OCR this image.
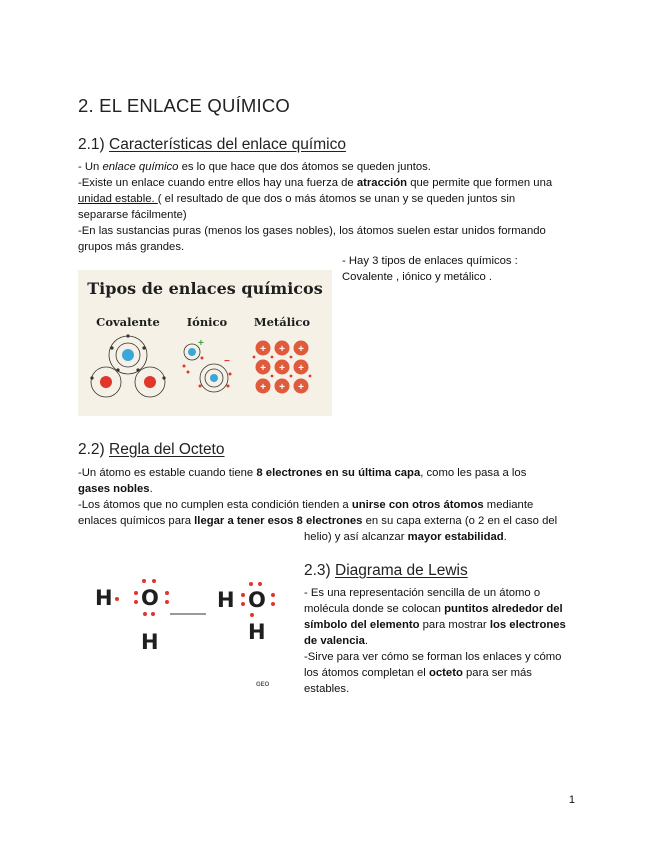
2. EL ENLACE QUÍMICO
2.1) Características del enlace químico
- Un enlace químico es lo que hace que dos átomos se queden juntos.
-Existe un enlace cuando entre ellos hay una fuerza de atracción que permite que formen una
unidad estable. ( el resultado de que dos o más átomos se unan y se queden juntos sin
separarse fácilmente)
-En las sustancias puras (menos los gases nobles), los átomos suelen estar unidos formando
grupos más grandes.
- Hay 3 tipos de enlaces químicos :
Covalente , iónico y metálico .
Tipos de enlaces químicos
Covalente Iónico Metálico
+
−
+ + +
+ + +
+ + +
2.2) Regla del Octeto
-Un átomo es estable cuando tiene 8 electrones en su última capa, como les pasa a los
gases nobles.
-Los átomos que no cumplen esta condición tienden a unirse con otros átomos mediante
enlaces químicos para llegar a tener esos 8 electrones en su capa externa (o 2 en el caso del
helio) y así alcanzar mayor estabilidad.
H O
H
H O
H
GEO
2.3) Diagrama de Lewis
- Es una representación sencilla de un átomo o
molécula donde se colocan puntitos alrededor del
símbolo del elemento para mostrar los electrones
de valencia.
-Sirve para ver cómo se forman los enlaces y cómo
los átomos completan el octeto para ser más
estables.
1
